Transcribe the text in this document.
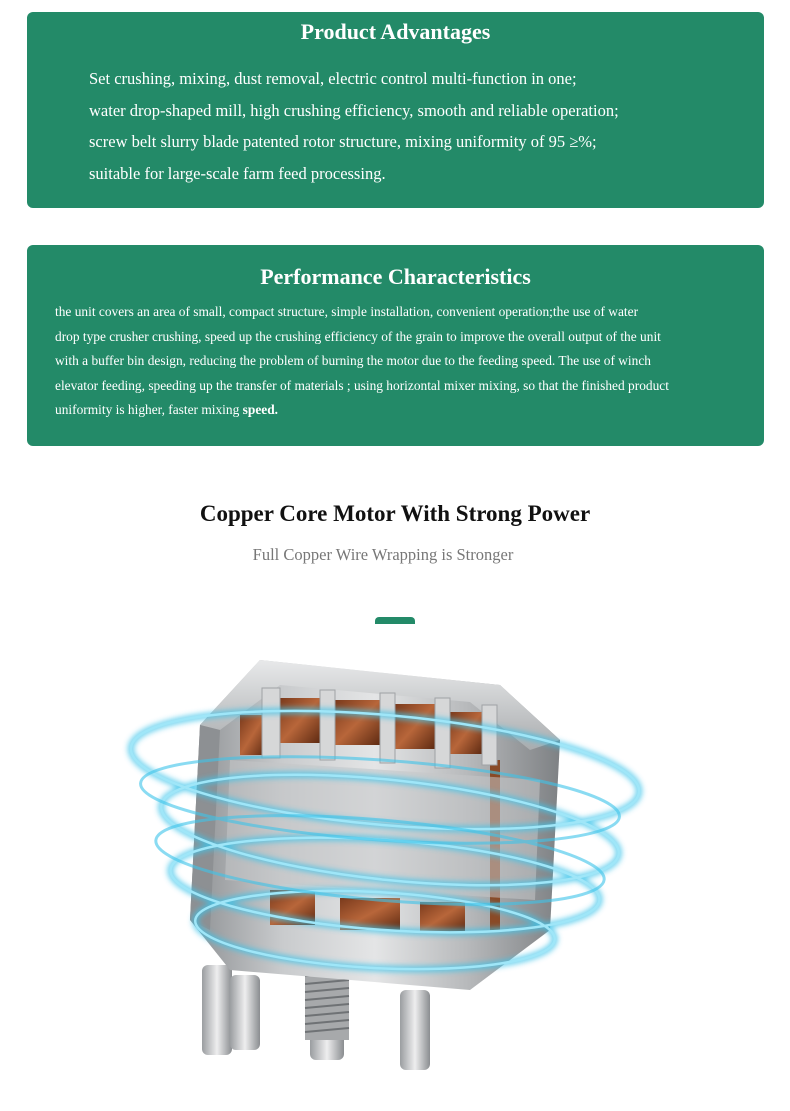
Product Advantages
Set crushing, mixing, dust removal, electric control multi-function in one;
water drop-shaped mill, high crushing efficiency, smooth and reliable operation;
screw belt slurry blade patented rotor structure, mixing uniformity of 95 ≥%;
suitable for large-scale farm feed processing.
Performance Characteristics

the unit covers an area of small, compact structure, simple installation, convenient operation;the use of water
drop type crusher crushing, speed up the crushing efficiency of the grain to improve the overall output of the unit
with a buffer bin design, reducing the problem of burning the motor due to the feeding speed. The use of winch
elevator feeding, speeding up the transfer of materials ; using horizontal mixer mixing, so that the finished product
uniformity is higher, faster mixing speed.

Copper Core Motor With Strong Power

Full Copper Wire Wrapping is Stronger
